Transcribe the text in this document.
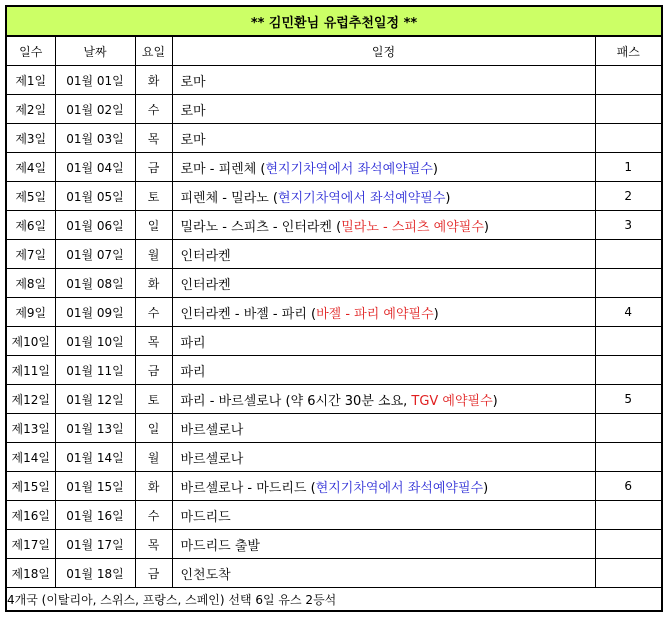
** 김민환님 유럽추천일정 **				
일수	날짜	요일	일정	패스
제1일	01월 01일	화	로마	
제2일	01월 02일	수	로마	
제3일	01월 03일	목	로마	
제4일	01월 04일	금	로마 - 피렌체 (현지기차역에서 좌석예약필수)	1
제5일	01월 05일	토	피렌체 - 밀라노 (현지기차역에서 좌석예약필수)	2
제6일	01월 06일	일	밀라노 - 스피츠 - 인터라켄 (밀라노 - 스피츠 예약필수)	3
제7일	01월 07일	월	인터라켄	
제8일	01월 08일	화	인터라켄	
제9일	01월 09일	수	인터라켄 - 바젤 - 파리 (바젤 - 파리 예약필수)	4
제10일	01월 10일	목	파리	
제11일	01월 11일	금	파리	
제12일	01월 12일	토	파리 - 바르셀로나 (약 6시간 30분 소요, TGV 예약필수)	5
제13일	01월 13일	일	바르셀로나	
제14일	01월 14일	월	바르셀로나	
제15일	01월 15일	화	바르셀로나 - 마드리드 (현지기차역에서 좌석예약필수)	6
제16일	01월 16일	수	마드리드	
제17일	01월 17일	목	마드리드 출발	
제18일	01월 18일	금	인천도착	
4개국 (이탈리아, 스위스, 프랑스, 스페인) 선택 6일 유스 2등석				
